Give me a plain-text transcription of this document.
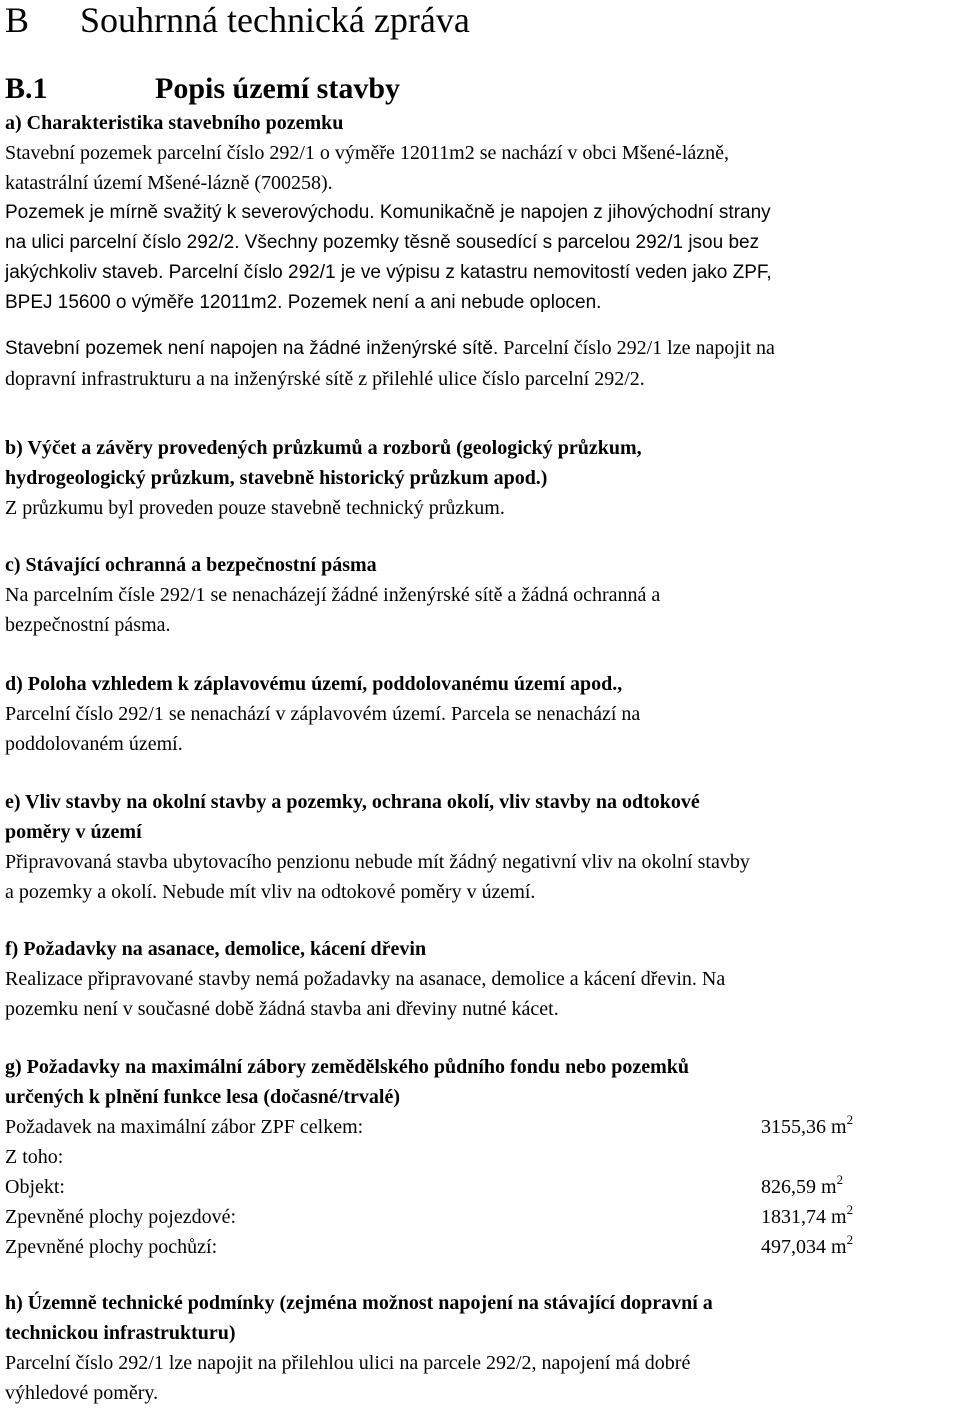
B Souhrnná technická zpráva
B.1	Popis území stavby

a) Charakteristika stavebního pozemku

Stavební pozemek parcelní číslo 292/1 o výměře 12011m2 se nachází v obci Mšené-lázně,
katastrální území Mšené-lázně (700258).

Pozemek je mírně svažitý k severovýchodu. Komunikačně je napojen z jihovýchodní strany
na ulici parcelní číslo 292/2. Všechny pozemky těsně sousedící s parcelou 292/1 jsou bez
jakýchkoliv staveb. Parcelní číslo 292/1 je ve výpisu z katastru nemovitostí veden jako ZPF,
BPEJ 15600 o výměře 12011m2. Pozemek není a ani nebude oplocen.

Stavební pozemek není napojen na žádné inženýrské sítě. Parcelní číslo 292/1 lze napojit na
dopravní infrastrukturu a na inženýrské sítě z přilehlé ulice číslo parcelní 292/2.

b) Výčet a závěry provedených průzkumů a rozborů (geologický průzkum,
hydrogeologický průzkum, stavebně historický průzkum apod.)

Z průzkumu byl proveden pouze stavebně technický průzkum.

c) Stávající ochranná a bezpečnostní pásma

Na parcelním čísle 292/1 se nenacházejí žádné inženýrské sítě a žádná ochranná a
bezpečnostní pásma.

d) Poloha vzhledem k záplavovému území, poddolovanému území apod.,

Parcelní číslo 292/1 se nenachází v záplavovém území. Parcela se nenachází na
poddolovaném území.

e) Vliv stavby na okolní stavby a pozemky, ochrana okolí, vliv stavby na odtokové
poměry v území

Připravovaná stavba ubytovacího penzionu nebude mít žádný negativní vliv na okolní stavby
a pozemky a okolí. Nebude mít vliv na odtokové poměry v území.

f) Požadavky na asanace, demolice, kácení dřevin

Realizace připravované stavby nemá požadavky na asanace, demolice a kácení dřevin. Na
pozemku není v současné době žádná stavba ani dřeviny nutné kácet.

g) Požadavky na maximální zábory zemědělského půdního fondu nebo pozemků
určených k plnění funkce lesa (dočasné/trvalé)

Požadavek na maximální zábor ZPF celkem:	3155,36 $m^2$
Z toho:
Objekt:	826,59 $m^2$
Zpevněné plochy pojezdové:	1831,74 $m^2$
Zpevněné plochy pochůzí:	497,034 $m^2$

h) Územně technické podmínky (zejména možnost napojení na stávající dopravní a
technickou infrastrukturu)

Parcelní číslo 292/1 lze napojit na přilehlou ulici na parcele 292/2, napojení má dobré
výhledové poměry.
